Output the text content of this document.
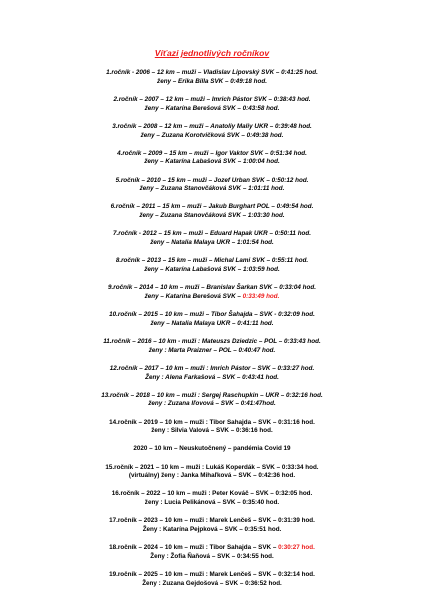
Víťazi jednotlivých ročníkov
1.ročník - 2006 – 12 km – muži – Vladislav Lipovský SVK – 0:41:25 hod.
ženy – Erika Billa SVK – 0:49:18 hod.
2.ročník – 2007 – 12 km – muži – Imrich Pástor SVK – 0:38:43 hod.
ženy – Katarína Berešová SVK – 0:43:58 hod.
3.ročník – 2008 – 12 km – muži – Anatoliy Maliy UKR – 0:39:48 hod.
ženy – Zuzana Korotvičková SVK – 0:49:38 hod.
4.ročník – 2009 – 15 km – muži – Igor Vaktor SVK – 0:51:34 hod.
ženy – Katarína Labašová SVK – 1:00:04 hod.
5.ročník – 2010 – 15 km – muži – Jozef Urban SVK – 0:50:12 hod.
ženy – Zuzana Stanovčáková SVK – 1:01:11 hod.
6.ročník – 2011 – 15 km – muži – Jakub Burghart POL – 0:49:54 hod.
ženy – Zuzana Stanovčáková SVK – 1:03:30 hod.
7.ročník - 2012 – 15 km – muži – Eduard Hapak UKR – 0:50:11 hod.
ženy – Natalia Malaya UKR – 1:01:54 hod.
8.ročník – 2013 – 15 km – muži – Michal Lami SVK – 0:55:11 hod.
ženy – Katarína Labašová SVK – 1:03:59 hod.
9.ročník – 2014 – 10 km – muži – Branislav Šarkan SVK – 0:33:04 hod.
ženy – Katarína Berešová SVK – 0:33:49 hod.
10.ročník – 2015 – 10 km – muži – Tibor Šahajda – SVK - 0:32:09 hod.
ženy – Natalia Malaya UKR – 0:41:11 hod.
11.ročník – 2016 – 10 km - muži : Mateuszs Dziedzic – POL – 0:33:43 hod.
ženy : Marta Praizner – POL – 0:40:47 hod.
12.ročník – 2017 – 10 km – muži : Imrich Pástor – SVK – 0:33:27 hod.
Ženy : Alena Farkašová – SVK – 0:43:41 hod.
13.ročník – 2018 – 10 km – muži : Sergej Raschupkin – UKR – 0:32:16 hod.
ženy : Zuzana Iľovová – SVK – 0:41:47hod.
14.ročník – 2019 – 10 km – muži : Tibor Sahajda – SVK – 0:31:16 hod.
ženy : Silvia Valová – SVK – 0:36:16 hod.
2020 – 10 km – Neuskutočnený – pandémia Covid 19
15.ročník – 2021 – 10 km – muži : Lukáš Koperdák – SVK – 0:33:34 hod.
(virtuálny) ženy : Janka Mihaľková – SVK – 0:42:36 hod.
16.ročník – 2022 – 10 km – muži : Peter Kováč – SVK – 0:32:05 hod.
ženy : Lucia Pelikánová – SVK – 0:35:40 hod.
17.ročník – 2023 – 10 km – muži : Marek Lenčeš – SVK – 0:31:39 hod.
Ženy : Katarína Pejpková – SVK – 0:35:51 hod.
18.ročník – 2024 – 10 km – muži : Tibor Sahajda – SVK – 0:30:27 hod.
Ženy : Žofia Ňaňová – SVK – 0:34:55 hod.
19.ročník – 2025 – 10 km – muži : Marek Lenčeš – SVK – 0:32:14 hod.
Ženy : Zuzana Gejdošová – SVK – 0:36:52 hod.
